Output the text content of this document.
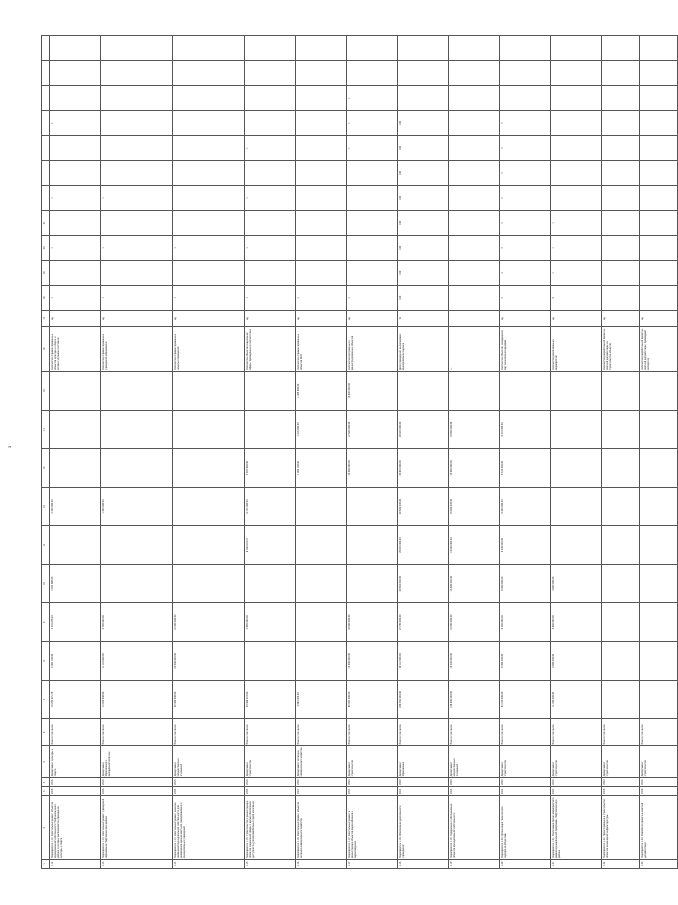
3
1	2	3	4	5	6	7	8	9	10	11	12	13	14	15	16	17	18	19	20	21							
1.12	Мероприятие 1.12. Капитальный ремонт объектов муниципальной собственности Нефтеюганского района, в которых располагаются учреждения культуры и спорта	2016	2016	Департамент культуры и спорта	Всего в том числе	15 253 071,75	2 362 100,00	7 316 675,20	4 874 896,55		2 400 000,00				Количество отремонтированных объектов культуры и спорта, в которых улучшено состояние	ед.	1		1		1			1			
1.13	Мероприятие 1.13. Капитальный ремонт учреждений образования Нефтеюганского района	2016	2016	Департамент образования и молодёжной политики	Всего в том числе	14 940 000,00	11 110 000,00	3 700 000,00			1 350 000,00				Количество отремонтированных учреждений образования	ед.	1		1		1						
1.14	Мероприятие 1.14. Капитальный ремонт нежилых помещений муниципальной собственности для размещения органов местного самоуправления и муниципальных учреждений	2014	2015	Департамент имущественных отношений	Всего в том числе	32 000 000,00	20 000 000,00	12 000 000,00							Количество отремонтированных нежилых помещений	ед.	1		1								
1.15	Мероприятие 1.15. Строительство и реконструкция объектов социальной сферы с целью обеспечения доступности для маломобильных групп населения	2014	2016	Департамент строительства	Всего в том числе	25 386 215,00		4 855 000,00		8 182 615,47	6 174 000,00	2 497 600,00			Количество объектов социальной сферы, приведённых в соответствие	ед.	1		1		1		1				
1.16	Мероприятие 1.16. Капитальный ремонт объектов жилищно-коммунального хозяйства	2017	2020	Департамент жилищно-коммунального хозяйства	Всего в том числе	4 960 325,00						1 095 100,00	1 215 900,00	1 335 600,00	Количество отремонтированных объектов ЖКХ	ед.	1										
1.17	Мероприятие 1.17. Капитальный ремонт и реконструкция объектов водоснабжения и водоотведения	2014	2020	Департамент строительства	Всего в том числе	82 504 000,00	15 000 000,00	18 500 000,00				15 500 000,00	17 600 000,00	15 904 000,00	Количество построенных и реконструированных объектов	ед.	1						1	1	1		
1.18	Мероприятие 1.18. Обеспечение деятельности учреждений	2014	2020	Департамент образования	Всего в том числе	209 452 000,00	29 112 500,00	27 750 000,00	29 840 000,00	29 840 000,00	29 840 000,00	29 840 000,00	29 840 000,00		Доля учреждений, выполнивших муниципальное задание	%	100	100	100	100	100	100	100	100			
1.19	Мероприятие 1.19. Содержание и обслуживание объектов муниципальной собственности	2014	2020	Департамент имущественных отношений	Всего в том числе	108 800 000,00	15 200 000,00	15 500 000,00	15 600 000,00	15 600 000,00	15 600 000,00	15 650 000,00	15 650 000,00		—												
1.20	Мероприятие 1.20. Организация технического надзора за объектами	2014	2020	Департамент строительства	Всего в том числе	64 720 000,00	9 000 000,00	9 200 000,00	9 300 000,00	9 300 000,00	9 300 000,00	9 310 000,00	9 310 000,00		Количество объектов, находящихся под техническим надзором	ед.	4	4	4	4	4	4	4	4			
1.21	Мероприятие 1.21. Реализация прочих мероприятий в рамках муниципальной программы Нефтеюганского района	2014	2016	Департамент строительства	Всего в том числе	11 400 000,00	3 800 000,00	3 800 000,00	3 800 000,00						Количество реализованных мероприятий	ед.	3	1	1	1							
1.22	Мероприятие 1.22. Проектирование и строительство объектов инженерной инфраструктуры	2016	2020	Департамент строительства	Всего в том числе										Количество разработанной проектно-сметной документации на строительство объектов	ед.											
1.23	Мероприятие 1.23. Разработка проектно-сметной документации	2016	2016	Департамент строительства	Всего в том числе										Количество разработанной проектно-сметной документации, прошедшей экспертизу	ед.											
